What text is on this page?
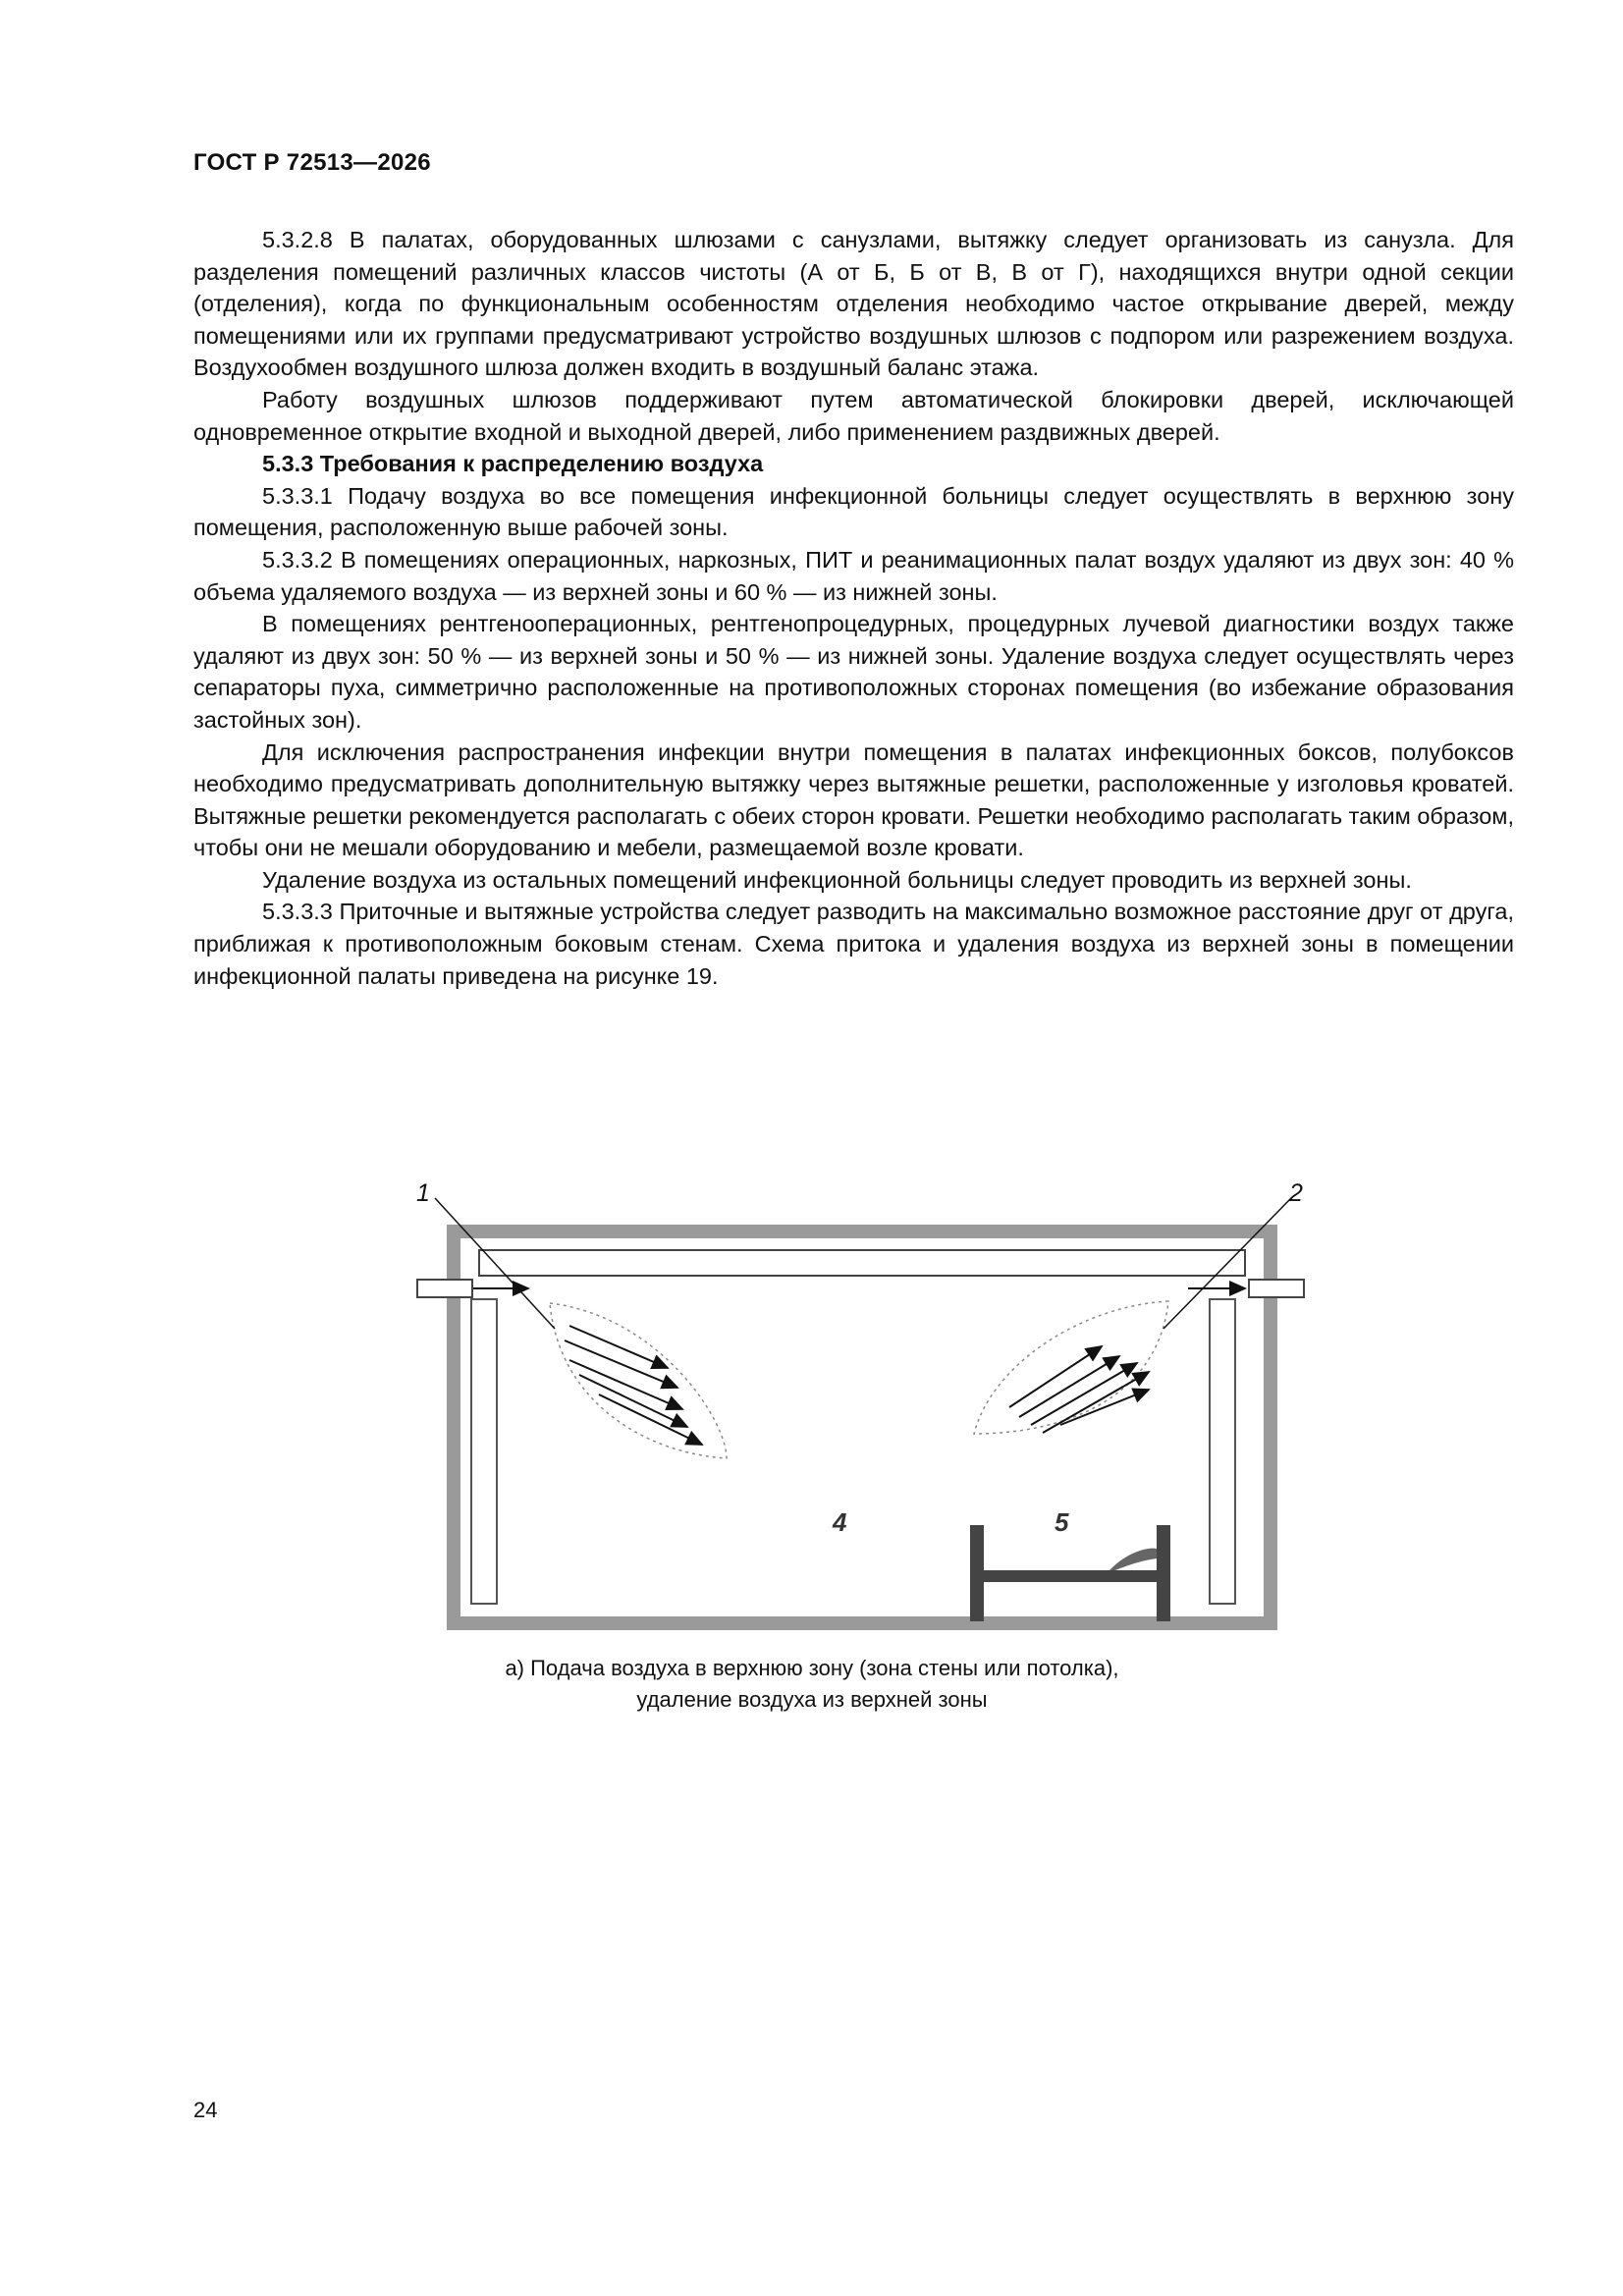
ГОСТ Р 72513—2026

5.3.2.8 В палатах, оборудованных шлюзами с санузлами, вытяжку следует организовать из санузла. Для разделения помещений различных классов чистоты (А от Б, Б от В, В от Г), находящихся внутри одной секции (отделения), когда по функциональным особенностям отделения необходимо частое открывание дверей, между помещениями или их группами предусматривают устройство воздушных шлюзов с подпором или разрежением воздуха. Воздухообмен воздушного шлюза должен входить в воздушный баланс этажа.

Работу воздушных шлюзов поддерживают путем автоматической блокировки дверей, исключающей одновременное открытие входной и выходной дверей, либо применением раздвижных дверей.

5.3.3 Требования к распределению воздуха

5.3.3.1 Подачу воздуха во все помещения инфекционной больницы следует осуществлять в верхнюю зону помещения, расположенную выше рабочей зоны.

5.3.3.2 В помещениях операционных, наркозных, ПИТ и реанимационных палат воздух удаляют из двух зон: 40 % объема удаляемого воздуха — из верхней зоны и 60 % — из нижней зоны.

В помещениях рентгенооперационных, рентгенопроцедурных, процедурных лучевой диагностики воздух также удаляют из двух зон: 50 % — из верхней зоны и 50 % — из нижней зоны. Удаление воздуха следует осуществлять через сепараторы пуха, симметрично расположенные на противоположных сторонах помещения (во избежание образования застойных зон).

Для исключения распространения инфекции внутри помещения в палатах инфекционных боксов, полубоксов необходимо предусматривать дополнительную вытяжку через вытяжные решетки, расположенные у изголовья кроватей. Вытяжные решетки рекомендуется располагать с обеих сторон кровати. Решетки необходимо располагать таким образом, чтобы они не мешали оборудованию и мебели, размещаемой возле кровати.

Удаление воздуха из остальных помещений инфекционной больницы следует проводить из верхней зоны.

5.3.3.3 Приточные и вытяжные устройства следует разводить на максимально возможное расстояние друг от друга, приближая к противоположным боковым стенам. Схема притока и удаления воздуха из верхней зоны в помещении инфекционной палаты приведена на рисунке 19.

1	2
4	5
а) Подача воздуха в верхнюю зону (зона стены или потолка),
удаление воздуха из верхней зоны
24
